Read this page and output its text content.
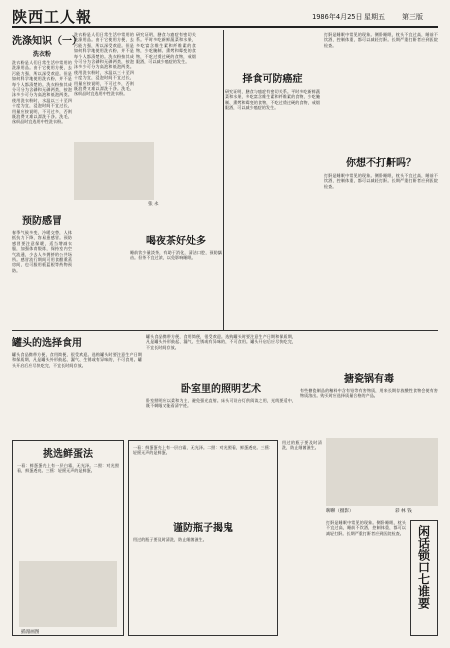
陕西工人報	1986年4月25日 星期五 第三版
洗涤知识（一）
洗衣粉
洗衣粉是人们日常生活中常用的洗涤用品。由于它使用方便，去污能力强，所以深受欢迎。但是如何科学地使用洗衣粉，并不是每个人都清楚的。洗衣粉按其成分可分为含磷和无磷两类，按泡沫多少可分为高泡和低泡两类。使用洗衣粉时，水温以三十至四十度为宜，浸泡时间不宜过长，用量应按说明，不可过多，否则既浪费又难以漂洗干净。洗毛、丝织品时宜选用中性洗衣粉。
洗衣粉是人们日常生活中常用的洗涤用品。由于它使用方便，去污能力强，所以深受欢迎。但是如何科学地使用洗衣粉，并不是每个人都清楚的。洗衣粉按其成分可分为含磷和无磷两类，按泡沫多少可分为高泡和低泡两类。使用洗衣粉时，水温以三十至四十度为宜，浸泡时间不宜过长，用量应按说明，不可过多，否则既浪费又难以漂洗干净。洗毛、丝织品时宜选用中性洗衣粉。
研究证明，膳食与癌症有密切关系。平时多吃新鲜蔬菜和水果，多吃富含维生素和纤维素的食物，少吃腌制、熏烤和霉变的食物，不吃过烫过硬的食物，戒烟限酒，可以减少癌症的发生。
张 永
择食可防癌症
研究证明，膳食与癌症有密切关系。平时多吃新鲜蔬菜和水果，多吃富含维生素和纤维素的食物，少吃腌制、熏烤和霉变的食物，不吃过烫过硬的食物，戒烟限酒，可以减少癌症的发生。
打鼾是睡眠中常见的现象。侧卧睡眠，枕头不宜过高，睡前不饮酒，控制体重，都可以减轻打鼾。长期严重打鼾者应到医院检查。
你想不打鼾吗？
打鼾是睡眠中常见的现象。侧卧睡眠，枕头不宜过高，睡前不饮酒，控制体重，都可以减轻打鼾。长期严重打鼾者应到医院检查。
预防感冒
春季气候多变，冷暖交替，人体抵抗力下降，容易患感冒。预防感冒要注意保暖，适当增减衣服，加强体育锻炼，保持室内空气流通，少去人多拥挤的公共场所。感冒流行期间可用食醋熏蒸房间，也可服用板蓝根等药物预防。
喝夜茶好处多
睡前饮少量淡茶，有助于消化，清洁口腔，预防龋齿。但茶不宜过浓，以免影响睡眠。
罐头的选择食用
罐头食品携带方便，食用简便，很受欢迎。选购罐头时要注意生产日期和保质期，凡是罐头外形鼓起、漏气、生锈或有异味的，不可食用。罐头开启后应尽快吃完，不宜长时间存放。
罐头食品携带方便，食用简便，很受欢迎。选购罐头时要注意生产日期和保质期，凡是罐头外形鼓起、漏气、生锈或有异味的，不可食用。罐头开启后应尽快吃完，不宜长时间存放。
卧室里的照明艺术
卧室照明应以柔和为主，避免强光直射。床头可设台灯供阅读之用，光线要适中，既不刺眼又能看清字迹。
搪瓷锅有毒
有些搪瓷制品的釉料中含有铅等有害物质，用来长期存放酸性食物会使有害物质溶出。购买时应选择质量合格的产品。
聊聊（摄影）	彩 林 钱
挑选鲜蛋法
一看：鲜蛋蛋壳上有一层白霜，无光泽。二照：对光照看，鲜蛋透亮。三摇：轻摇无声的是鲜蛋。
插漫画图
一看：鲜蛋蛋壳上有一层白霜，无光泽。二照：对光照看，鲜蛋透亮。三摇：轻摇无声的是鲜蛋。
谨防瓶子揭鬼
用过的瓶子要及时清洗，防止细菌滋生。
用过的瓶子要及时清洗，防止细菌滋生。
打鼾是睡眠中常见的现象。侧卧睡眠，枕头不宜过高，睡前不饮酒，控制体重，都可以减轻打鼾。长期严重打鼾者应到医院检查。 闲话锁口七谁要
